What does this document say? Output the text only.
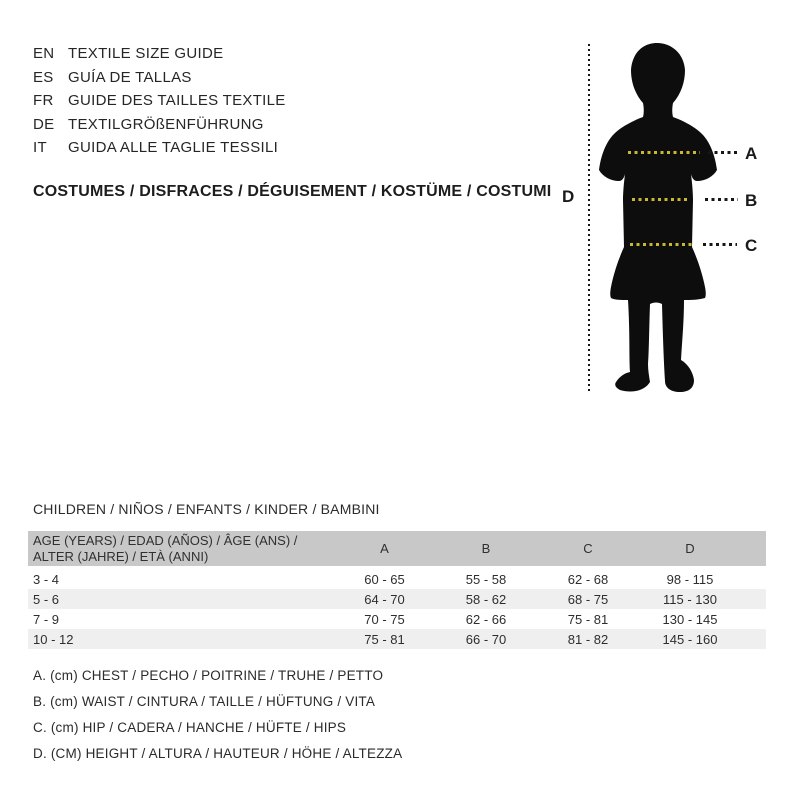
EN TEXTILE SIZE GUIDE
ES GUÍA DE TALLAS
FR GUIDE DES TAILLES TEXTILE
DE TEXTILGRÖßENFÜHRUNG
IT	GUIDA ALLE TAGLIE TESSILI
COSTUMES / DISFRACES / DÉGUISEMENT / KOSTÜME / COSTUMI D
A
B
C
CHILDREN / NIÑOS / ENFANTS / KINDER / BAMBINI
AGE (YEARS) / EDAD (AÑOS) / ÂGE (ANS) / ALTER (JAHRE) / ETÀ (ANNI)	A	B	C	D
3 - 4	60 - 65	55 - 58	62 - 68	98 - 115
5 - 6	64 - 70	58 - 62	68 - 75	115 - 130
7 - 9	70 - 75	62 - 66	75 - 81	130 - 145
10 - 12	75 - 81	66 - 70	81 - 82	145 - 160
A. (cm) CHEST / PECHO / POITRINE / TRUHE / PETTO
B. (cm) WAIST / CINTURA / TAILLE / HÜFTUNG / VITA
C. (cm) HIP / CADERA / HANCHE / HÜFTE / HIPS
D. (CM) HEIGHT / ALTURA / HAUTEUR / HÖHE / ALTEZZA
